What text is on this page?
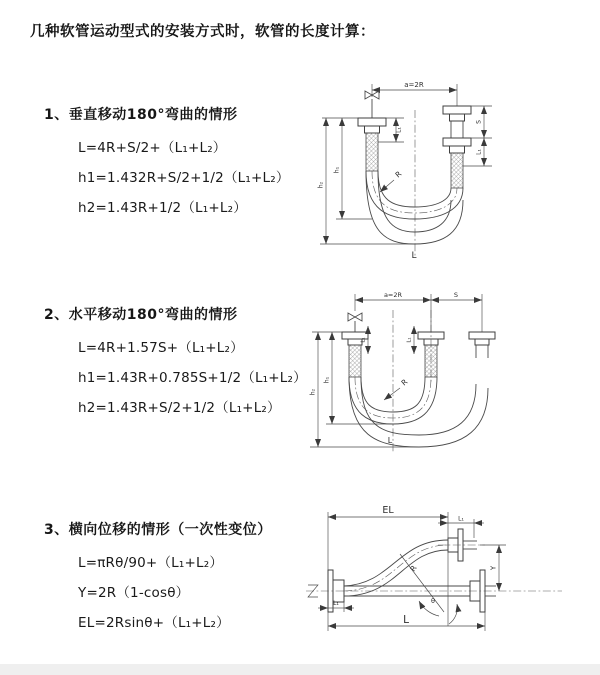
几种软管运动型式的安装方式时，软管的长度计算：
1、垂直移动180°弯曲的情形
L=4R+S/2+（L₁+L₂）
h1=1.432R+S/2+1/2（L₁+L₂）
h2=1.43R+1/2（L₁+L₂）
2、水平移动180°弯曲的情形
L=4R+1.57S+（L₁+L₂）
h1=1.43R+0.785S+1/2（L₁+L₂）
h2=1.43R+S/2+1/2（L₁+L₂）
3、横向位移的情形（一次性变位）
L=πRθ/90+（L₁+L₂）
Y=2R（1-cosθ）
EL=2Rsinθ+（L₁+L₂）
a=2R
S
L₁
L₁
h₁
h₂
R
L
a=2R	S
L₁	L₁
h₁
h₂
R
L
θ
R
EL
L₁
Y
L₁
L
